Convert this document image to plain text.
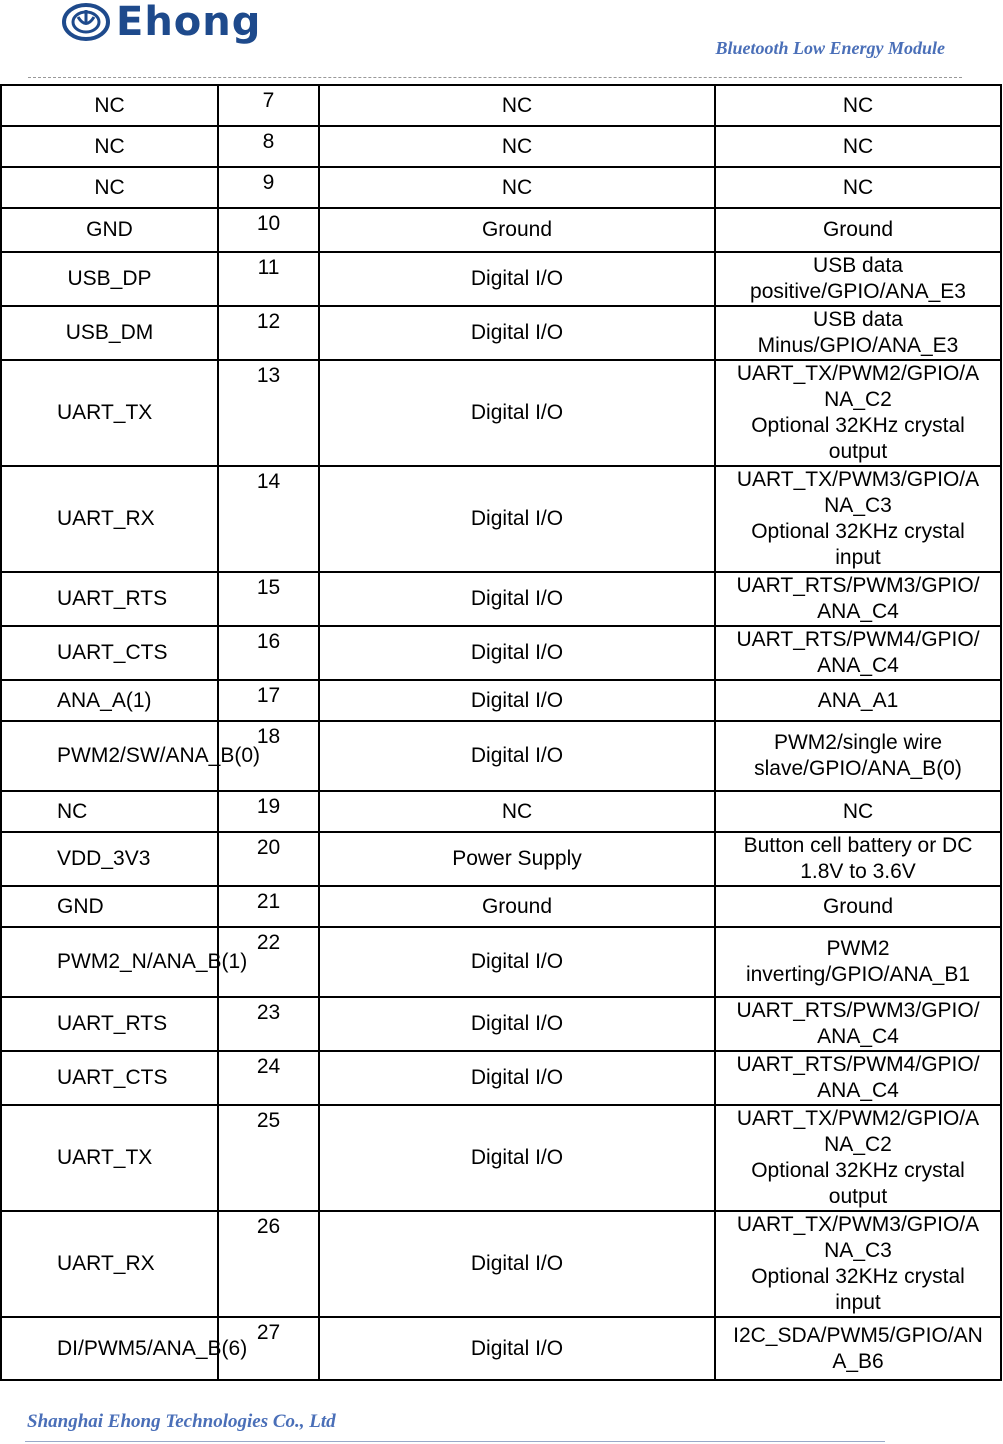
Ehong
Bluetooth Low Energy Module
NC	7	NC	NC
NC	8	NC	NC
NC	9	NC	NC
GND	10	Ground	Ground
USB_DP	11	Digital I/O	USB data
positive/GPIO/ANA_E3
USB_DM	12	Digital I/O	USB data
Minus/GPIO/ANA_E3
UART_TX	13	Digital I/O	UART_TX/PWM2/GPIO/A
NA_C2
Optional 32KHz crystal
output
UART_RX	14	Digital I/O	UART_TX/PWM3/GPIO/A
NA_C3
Optional 32KHz crystal
input
UART_RTS	15	Digital I/O	UART_RTS/PWM3/GPIO/
ANA_C4
UART_CTS	16	Digital I/O	UART_RTS/PWM4/GPIO/
ANA_C4
ANA_A(1)	17	Digital I/O	ANA_A1
PWM2/SW/ANA_B(0)	18	Digital I/O	PWM2/single wire
slave/GPIO/ANA_B(0)
NC	19	NC	NC
VDD_3V3	20	Power Supply	Button cell battery or DC
1.8V to 3.6V
GND	21	Ground	Ground
PWM2_N/ANA_B(1)	22	Digital I/O	PWM2
inverting/GPIO/ANA_B1
UART_RTS	23	Digital I/O	UART_RTS/PWM3/GPIO/
ANA_C4
UART_CTS	24	Digital I/O	UART_RTS/PWM4/GPIO/
ANA_C4
UART_TX	25	Digital I/O	UART_TX/PWM2/GPIO/A
NA_C2
Optional 32KHz crystal
output
UART_RX	26	Digital I/O	UART_TX/PWM3/GPIO/A
NA_C3
Optional 32KHz crystal
input
DI/PWM5/ANA_B(6)	27	Digital I/O	I2C_SDA/PWM5/GPIO/AN
A_B6
Shanghai Ehong Technologies Co., Ltd
